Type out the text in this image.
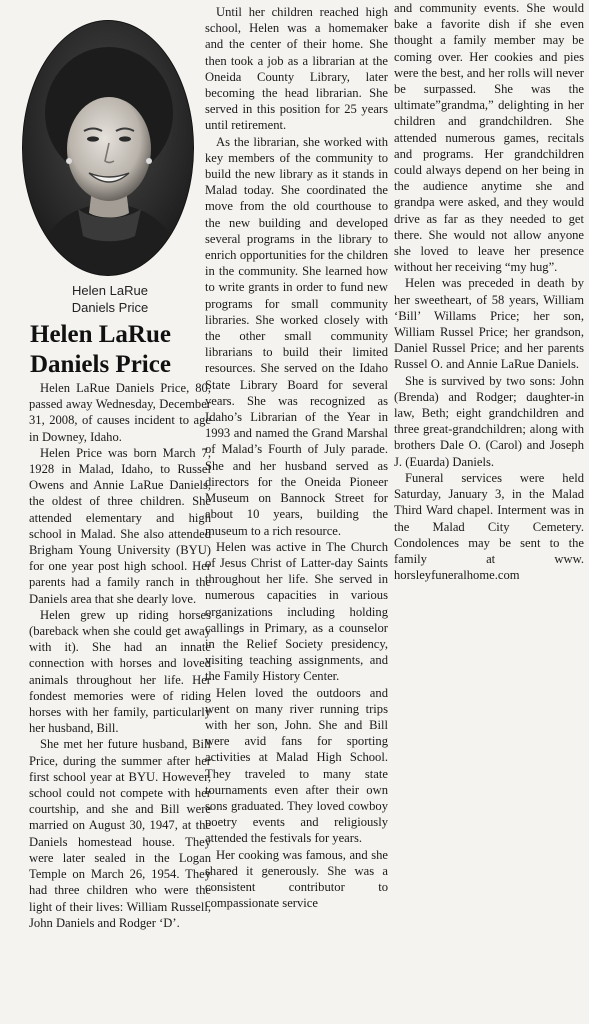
Helen LaRue
Daniels Price
Helen LaRue
Daniels Price

Helen LaRue Daniels Price, 80, passed away Wednesday, December 31, 2008, of causes incident to age in Downey, Idaho.

Helen Price was born March 7, 1928 in Malad, Idaho, to Russel Owens and Annie LaRue Daniels, the oldest of three children. She attended elementary and high school in Malad. She also attended Brigham Young University (BYU) for one year post high school. Her parents had a family ranch in the Daniels area that she dearly love.

Helen grew up riding horses (bareback when she could get away with it). She had an innate connection with horses and loved animals throughout her life. Her fondest memories were of riding horses with her family, particularly her husband, Bill.

She met her future husband, Bill Price, during the summer after her first school year at BYU. However, school could not compete with her courtship, and she and Bill were married on August 30, 1947, at the Daniels homestead house. They were later sealed in the Logan Temple on March 26, 1954. They had three children who were the light of their lives: William Russell, John Daniels and Rodger ‘D’.

Until her children reached high school, Helen was a homemaker and the center of their home. She then took a job as a librarian at the Oneida County Library, later becoming the head librarian. She served in this position for 25 years until retirement.

As the librarian, she worked with key members of the community to build the new library as it stands in Malad today. She coordinated the move from the old courthouse to the new building and developed several programs in the library to enrich opportunities for the children in the community. She learned how to write grants in order to fund new programs for small community libraries. She worked closely with the other small community librarians to build their limited resources. She served on the Idaho State Library Board for several years. She was recognized as Idaho’s Librarian of the Year in 1993 and named the Grand Marshal of Malad’s Fourth of July parade. She and her husband served as directors for the Oneida Pioneer Museum on Bannock Street for about 10 years, building the museum to a rich resource.

Helen was active in The Church of Jesus Christ of Latter-day Saints throughout her life. She served in numerous capacities in various organizations including holding callings in Primary, as a counselor in the Relief Society presidency, visiting teaching assignments, and the Family History Center.

Helen loved the outdoors and went on many river running trips with her son, John. She and Bill were avid fans for sporting activities at Malad High School. They traveled to many state tournaments even after their own sons graduated. They loved cowboy poetry events and religiously attended the festivals for years.

Her cooking was famous, and she shared it generously. She was a consistent contributor to compassionate service

and community events. She would bake a favorite dish if she even thought a family member may be coming over. Her cookies and pies were the best, and her rolls will never be surpassed. She was the ultimate”grandma,” delighting in her children and grandchildren. She attended numerous games, recitals and programs. Her grandchildren could always depend on her being in the audience anytime she and grandpa were asked, and they would drive as far as they needed to get there. She would not allow anyone she loved to leave her presence without her receiving “my hug”.

Helen was preceded in death by her sweetheart, of 58 years, William ‘Bill’ Willams Price; her son, William Russel Price; her grandson, Daniel Russel Price; and her parents Russel O. and Annie LaRue Daniels.

She is survived by two sons: John (Brenda) and Rodger; daughter-in law, Beth; eight grandchildren and three great-grandchildren; along with brothers Dale O. (Carol) and Joseph J. (Euarda) Daniels.

Funeral services were held Saturday, January 3, in the Malad Third Ward chapel. Interment was in the Malad City Cemetery. Condolences may be sent to the family at www. horsleyfuneralhome.com
